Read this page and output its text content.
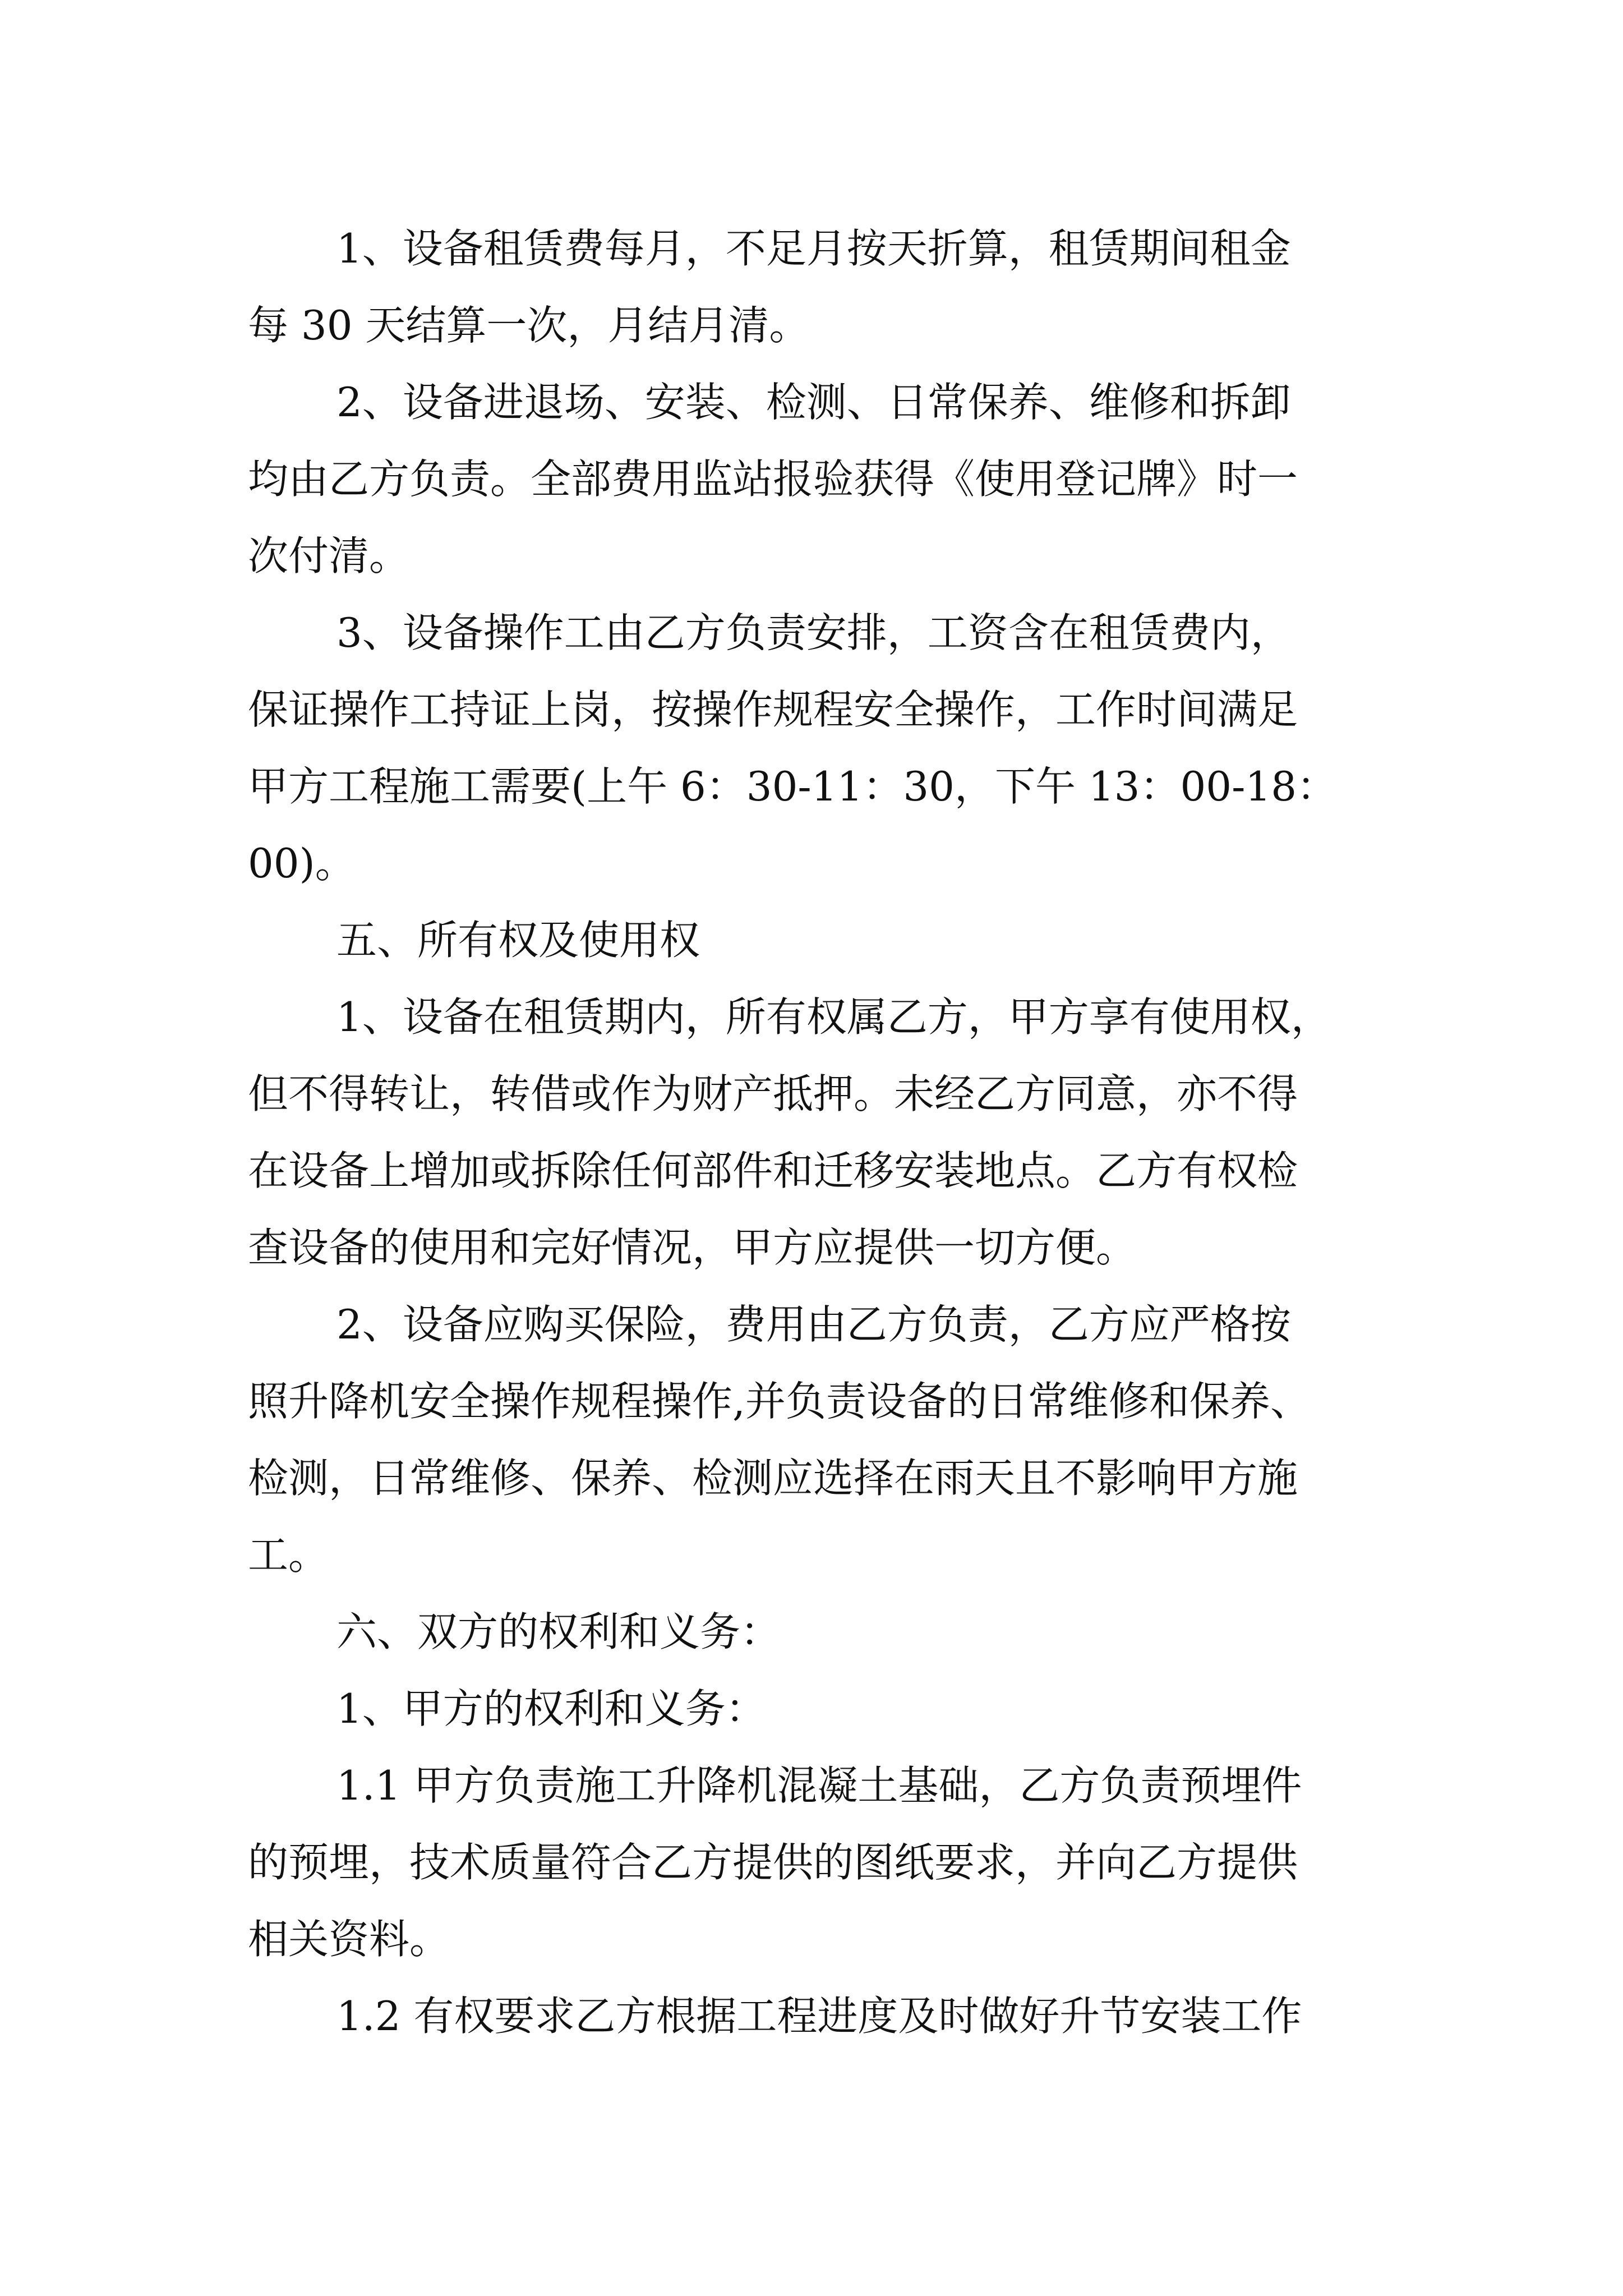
1、设备租赁费每月，不足月按天折算，租赁期间租金
每 30 天结算一次，月结月清。
2、设备进退场、安装、检测、日常保养、维修和拆卸
均由乙方负责。全部费用监站报验获得《使用登记牌》时一
次付清。
3、设备操作工由乙方负责安排，工资含在租赁费内，
保证操作工持证上岗，按操作规程安全操作，工作时间满足
甲方工程施工需要(上午 6：30-11：30，下午 13：00-18：
00)。
五、所有权及使用权
1、设备在租赁期内，所有权属乙方，甲方享有使用权，
但不得转让，转借或作为财产抵押。未经乙方同意，亦不得
在设备上增加或拆除任何部件和迁移安装地点。乙方有权检
查设备的使用和完好情况，甲方应提供一切方便。
2、设备应购买保险，费用由乙方负责，乙方应严格按
照升降机安全操作规程操作,并负责设备的日常维修和保养、
检测，日常维修、保养、检测应选择在雨天且不影响甲方施
工。
六、双方的权利和义务：
1、甲方的权利和义务：
1.1 甲方负责施工升降机混凝土基础，乙方负责预埋件
的预埋，技术质量符合乙方提供的图纸要求，并向乙方提供
相关资料。
1.2 有权要求乙方根据工程进度及时做好升节安装工作
